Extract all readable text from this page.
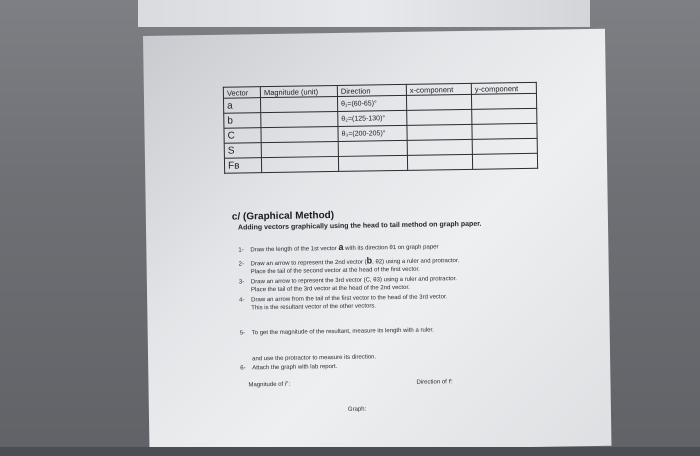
Vector	Magnitude (unit)	Direction	x-component	y-component
a		θ₁=(60-65)°		
b		θ₂=(125-130)°		
C		θ₃=(200-205)°		
S				
Fʙ				
c/ (Graphical Method)
Adding vectors graphically using the head to tail method on graph paper.
1- Draw the length of the 1st vector a with its direction θ1 on graph paper
2- Draw an arrow to represent the 2nd vector (b, θ2) using a ruler and protractor.
Place the tail of the second vector at the head of the first vector.
3- Draw an arrow to represent the 3rd vector (C, θ3) using a ruler and protractor.
Place the tail of the 3rd vector at the head of the 2nd vector.
4- Draw an arrow from the tail of the first vector to the head of the 3rd vector.
This is the resultant vector of the other vectors.
5- To get the magnitude of the resultant, measure its length with a ruler.
and use the protractor to measure its direction.
6- Attach the graph with lab report.
Magnitude of r⃗ :	Direction of r⃗:
Graph:
